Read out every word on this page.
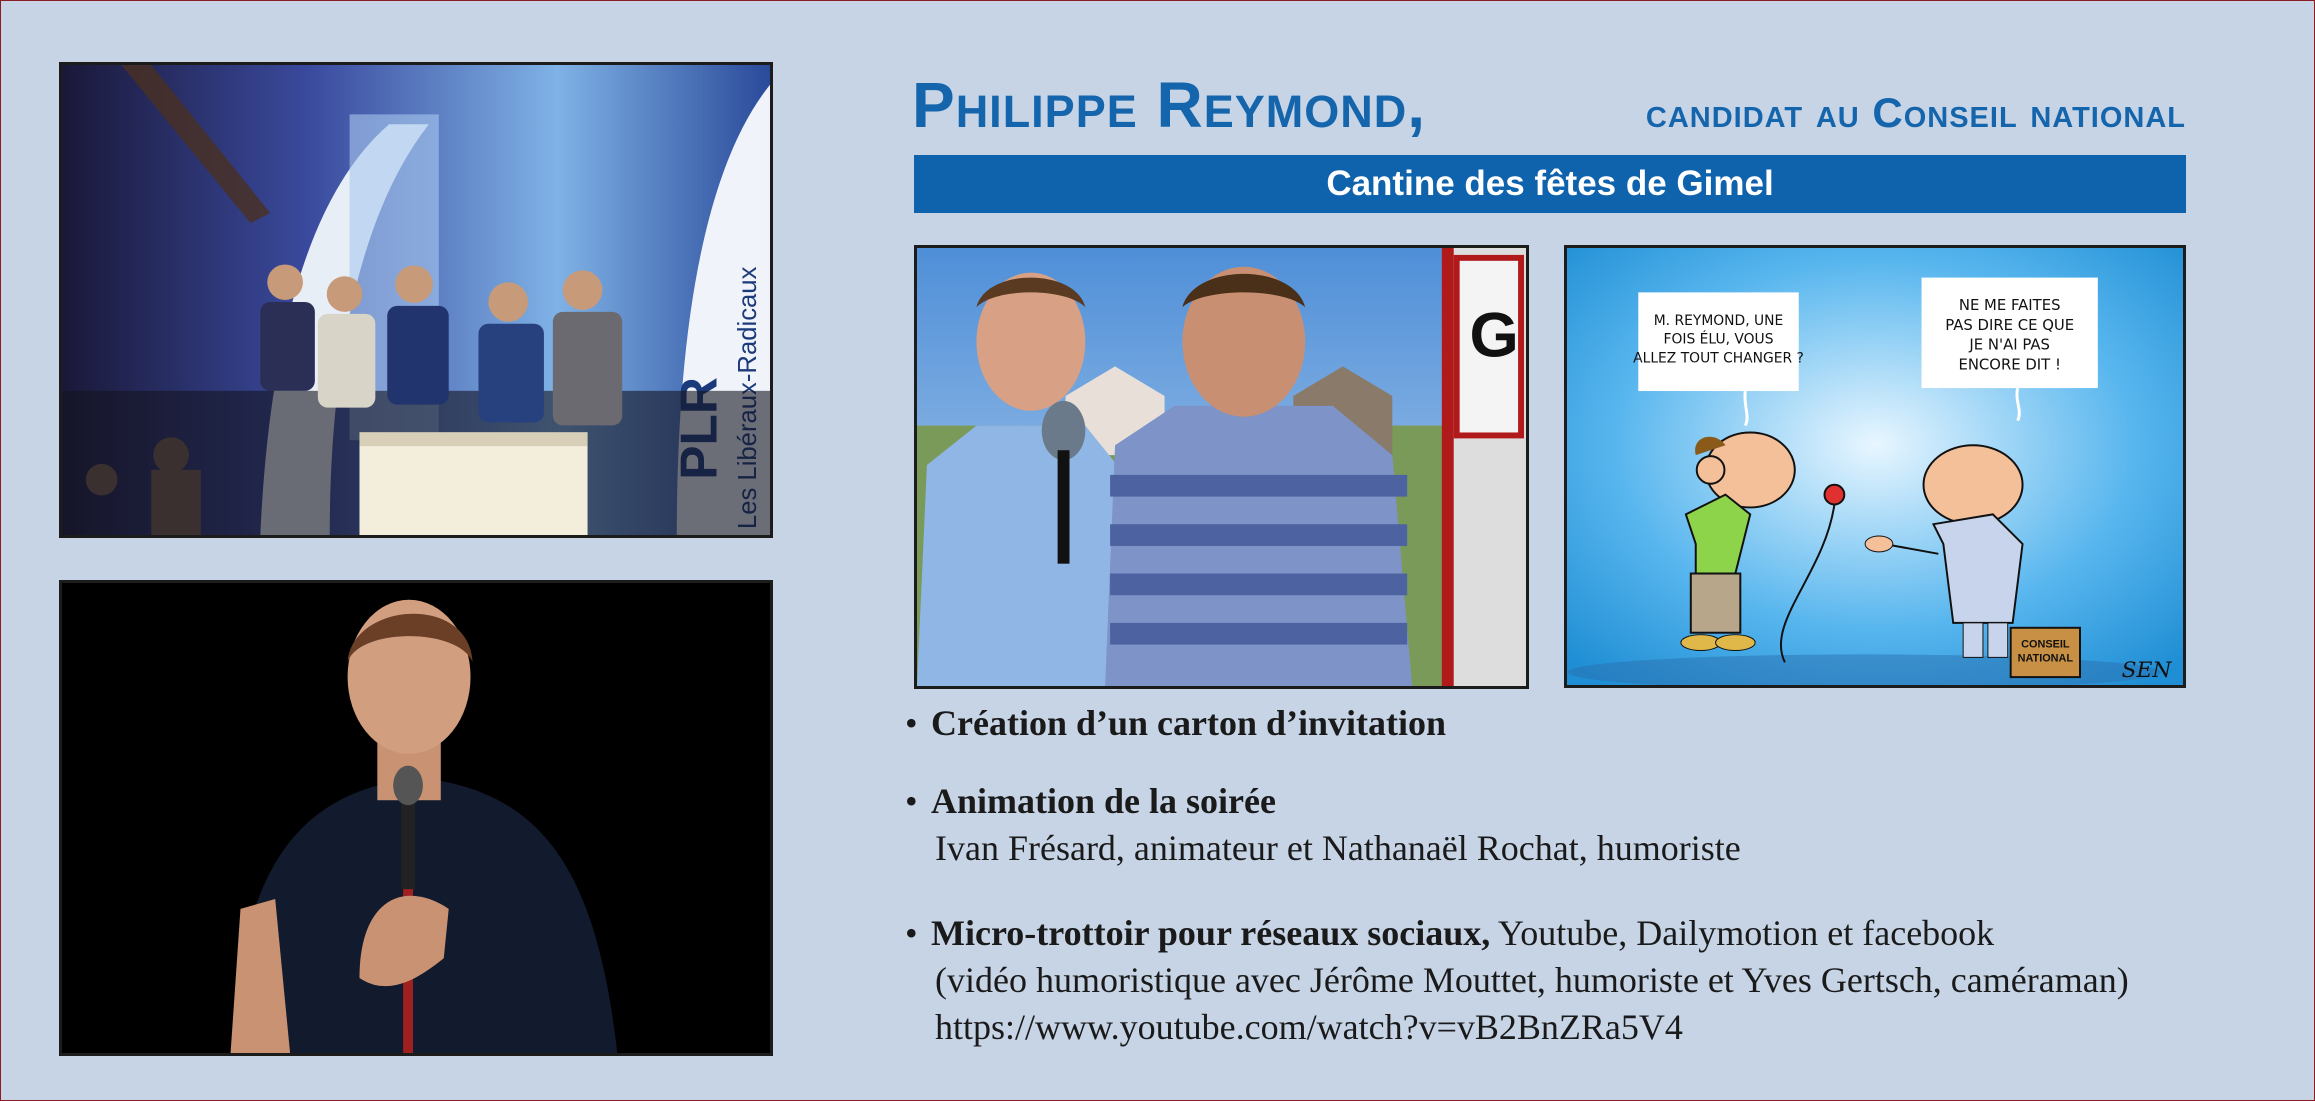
Philippe Reymond,	candidat au Conseil national
Cantine des fêtes de Gimel
G	M. REYMOND, UNE
FOIS ÉLU, VOUS
ALLEZ TOUT CHANGER ?
NE ME FAITES
PAS DIRE CE QUE
JE N'AI PAS
ENCORE DIT !
CONSEIL
NATIONAL SEN
• Création d’un carton d’invitation
• Animation de la soirée
Ivan Frésard, animateur et Nathanaël Rochat, humoriste
• Micro-trottoir pour réseaux sociaux, Youtube, Dailymotion et facebook
(vidéo humoristique avec Jérôme Mouttet, humoriste et Yves Gertsch, caméraman)
https://www.youtube.com/watch?v=vB2BnZRa5V4
